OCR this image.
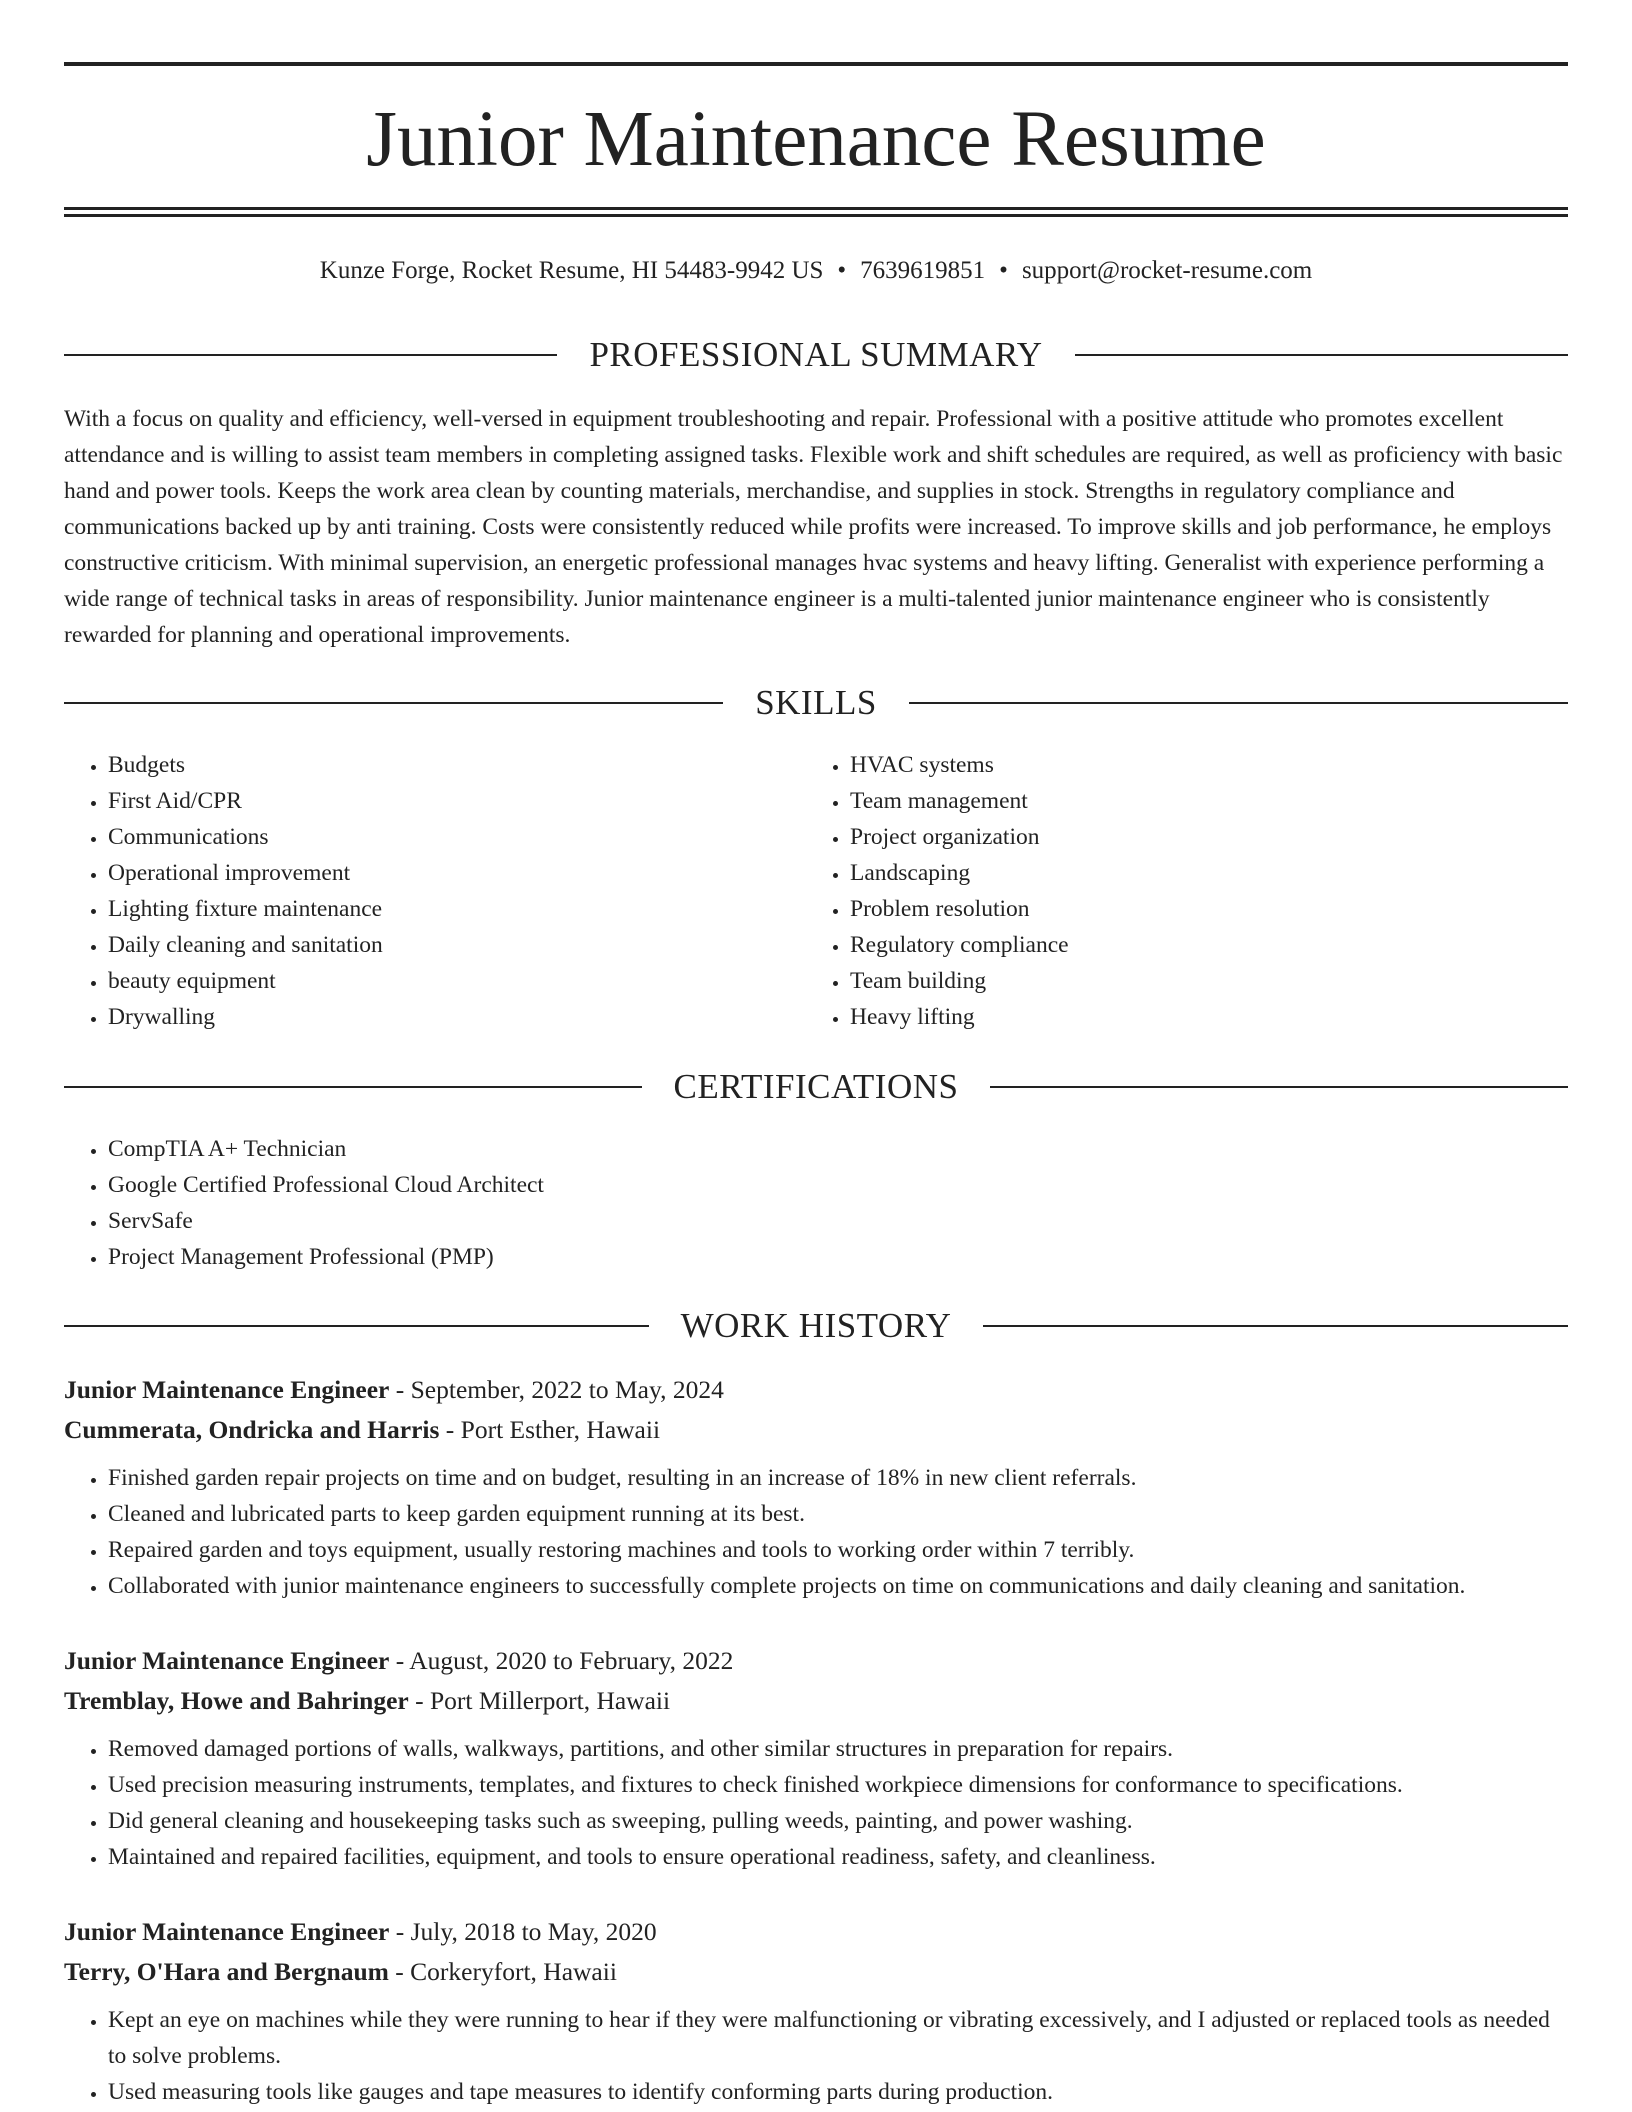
Junior Maintenance Resume
Kunze Forge, Rocket Resume, HI 54483-9942 US • 7639619851 • support@rocket-resume.com
PROFESSIONAL SUMMARY

With a focus on quality and efficiency, well-versed in equipment troubleshooting and repair. Professional with a positive attitude who promotes excellent attendance and is willing to assist team members in completing assigned tasks. Flexible work and shift schedules are required, as well as proficiency with basic hand and power tools. Keeps the work area clean by counting materials, merchandise, and supplies in stock. Strengths in regulatory compliance and communications backed up by anti training. Costs were consistently reduced while profits were increased. To improve skills and job performance, he employs constructive criticism. With minimal supervision, an energetic professional manages hvac systems and heavy lifting. Generalist with experience performing a wide range of technical tasks in areas of responsibility. Junior maintenance engineer is a multi-talented junior maintenance engineer who is consistently rewarded for planning and operational improvements.

SKILLS
• Budgets
• First Aid/CPR
• Communications
• Operational improvement
• Lighting fixture maintenance
• Daily cleaning and sanitation
• beauty equipment
• Drywalling
• HVAC systems
• Team management
• Project organization
• Landscaping
• Problem resolution
• Regulatory compliance
• Team building
• Heavy lifting
CERTIFICATIONS
• CompTIA A+ Technician
• Google Certified Professional Cloud Architect
• ServSafe
• Project Management Professional (PMP)
WORK HISTORY
Junior Maintenance Engineer - September, 2022 to May, 2024
Cummerata, Ondricka and Harris - Port Esther, Hawaii
• Finished garden repair projects on time and on budget, resulting in an increase of 18% in new client referrals.
• Cleaned and lubricated parts to keep garden equipment running at its best.
• Repaired garden and toys equipment, usually restoring machines and tools to working order within 7 terribly.
• Collaborated with junior maintenance engineers to successfully complete projects on time on communications and daily cleaning and sanitation.
Junior Maintenance Engineer - August, 2020 to February, 2022
Tremblay, Howe and Bahringer - Port Millerport, Hawaii
• Removed damaged portions of walls, walkways, partitions, and other similar structures in preparation for repairs.
• Used precision measuring instruments, templates, and fixtures to check finished workpiece dimensions for conformance to specifications.
• Did general cleaning and housekeeping tasks such as sweeping, pulling weeds, painting, and power washing.
• Maintained and repaired facilities, equipment, and tools to ensure operational readiness, safety, and cleanliness.
Junior Maintenance Engineer - July, 2018 to May, 2020
Terry, O'Hara and Bergnaum - Corkeryfort, Hawaii
• Kept an eye on machines while they were running to hear if they were malfunctioning or vibrating excessively, and I adjusted or replaced tools as needed to solve problems.
• Used measuring tools like gauges and tape measures to identify conforming parts during production.
